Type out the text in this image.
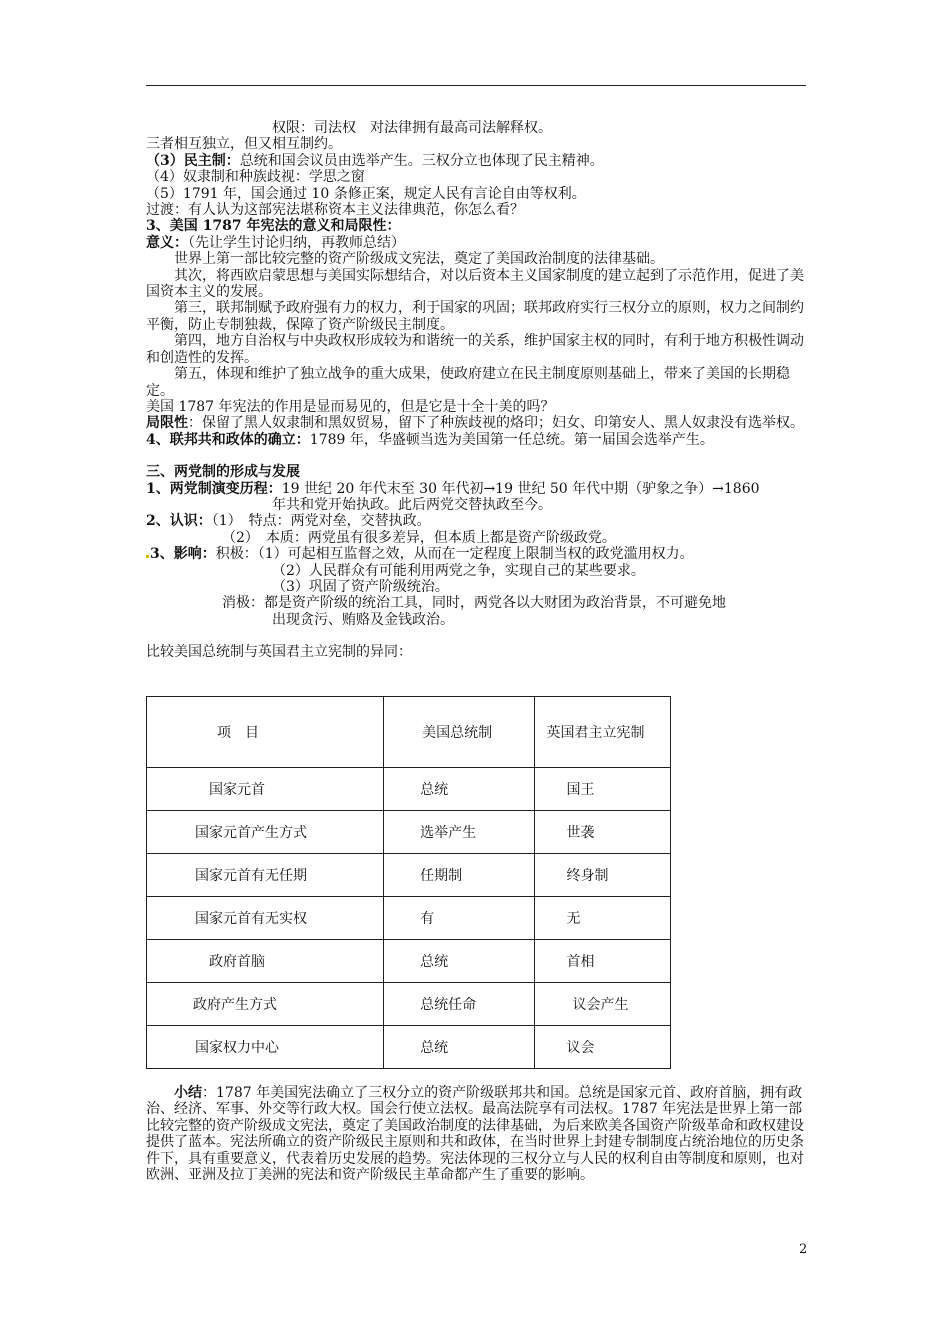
权限：司法权　对法律拥有最高司法解释权。
三者相互独立，但又相互制约。
（3）民主制：总统和国会议员由选举产生。三权分立也体现了民主精神。
（4）奴隶制和种族歧视：学思之窗
（5）1791 年，国会通过 10 条修正案，规定人民有言论自由等权利。
过渡：有人认为这部宪法堪称资本主义法律典范，你怎么看？
3、美国 1787 年宪法的意义和局限性：
意义：（先让学生讨论归纳，再教师总结）
世界上第一部比较完整的资产阶级成文宪法，奠定了美国政治制度的法律基础。
其次，将西欧启蒙思想与美国实际想结合，对以后资本主义国家制度的建立起到了示范作用，促进了美国资本主义的发展。
第三，联邦制赋予政府强有力的权力，利于国家的巩固；联邦政府实行三权分立的原则，权力之间制约平衡，防止专制独裁，保障了资产阶级民主制度。
第四，地方自治权与中央政权形成较为和谐统一的关系，维护国家主权的同时，有利于地方积极性调动和创造性的发挥。
第五，体现和维护了独立战争的重大成果，使政府建立在民主制度原则基础上，带来了美国的长期稳定。
美国 1787 年宪法的作用是显而易见的，但是它是十全十美的吗？
局限性：保留了黑人奴隶制和黑奴贸易，留下了种族歧视的烙印；妇女、印第安人、黑人奴隶没有选举权。
4、联邦共和政体的确立：1789 年，华盛顿当选为美国第一任总统。第一届国会选举产生。
三、两党制的形成与发展
1、两党制演变历程：19 世纪 20 年代末至 30 年代初→19 世纪 50 年代中期（驴象之争）→1860
年共和党开始执政。此后两党交替执政至今。
2、认识：（1）　特点：两党对垒，交替执政。
（2）　本质：两党虽有很多差异，但本质上都是资产阶级政党。
3、影响：积极：（1）可起相互监督之效，从而在一定程度上限制当权的政党滥用权力。
（2）人民群众有可能利用两党之争，实现自己的某些要求。
（3）巩固了资产阶级统治。
消极：都是资产阶级的统治工具，同时，两党各以大财团为政治背景，不可避免地
出现贪污、贿赂及金钱政治。
比较美国总统制与英国君主立宪制的异同：
项　目	美国总统制	英国君主立宪制
国家元首	总统	国王
国家元首产生方式	选举产生	世袭
国家元首有无任期	任期制	终身制
国家元首有无实权	有	无
政府首脑	总统	首相
政府产生方式	总统任命	议会产生
国家权力中心	总统	议会
小结：1787 年美国宪法确立了三权分立的资产阶级联邦共和国。总统是国家元首、政府首脑，拥有政治、经济、军事、外交等行政大权。国会行使立法权。最高法院享有司法权。1787 年宪法是世界上第一部比较完整的资产阶级成文宪法，奠定了美国政治制度的法律基础，为后来欧美各国资产阶级革命和政权建设提供了蓝本。宪法所确立的资产阶级民主原则和共和政体，在当时世界上封建专制制度占统治地位的历史条件下，具有重要意义，代表着历史发展的趋势。宪法体现的三权分立与人民的权利自由等制度和原则，也对欧洲、亚洲及拉丁美洲的宪法和资产阶级民主革命都产生了重要的影响。
2
